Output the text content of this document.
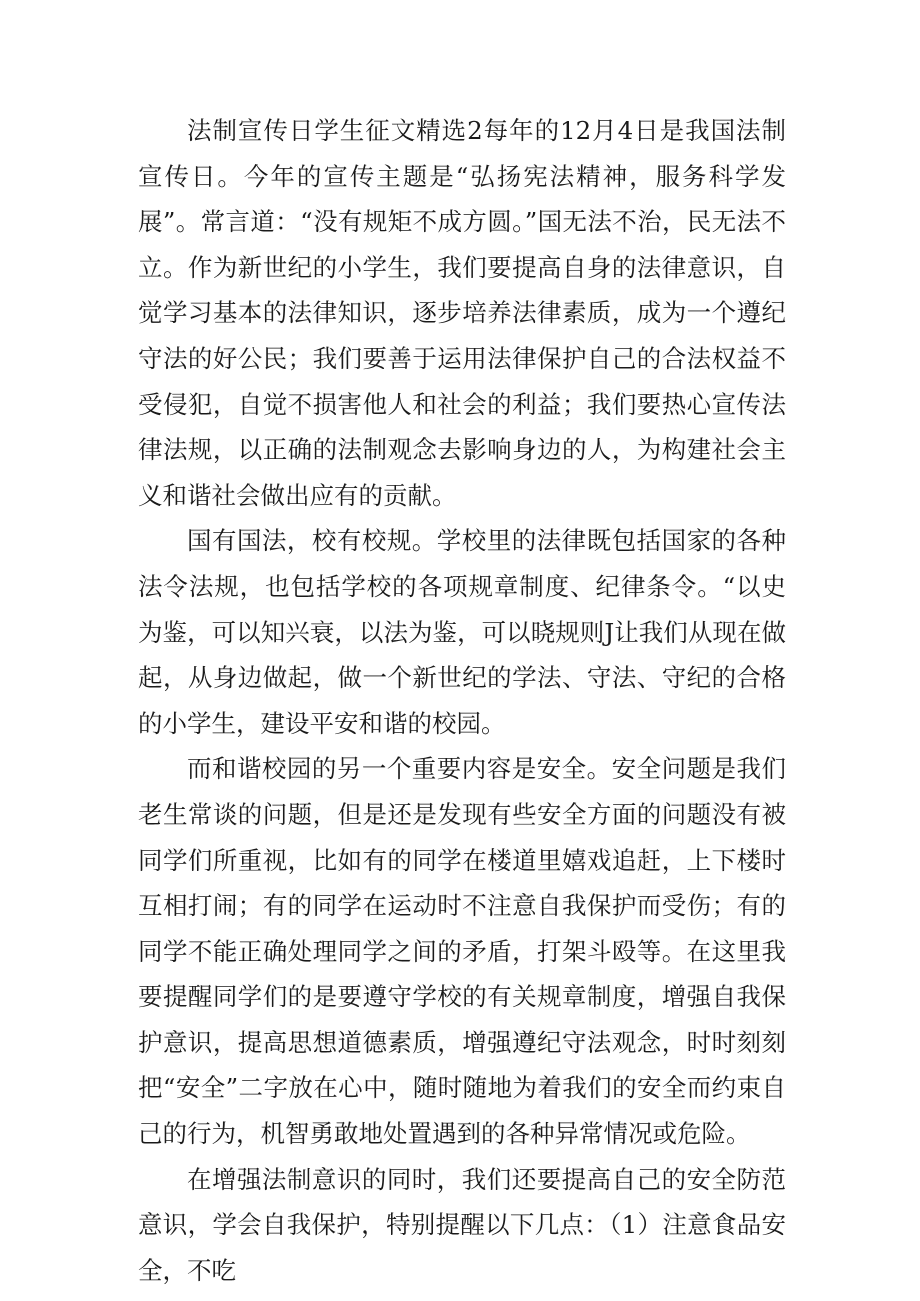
法制宣传日学生征文精选2每年的12月4日是我国法制宣传日。今年的宣传主题是“弘扬宪法精神，服务科学发展”。常言道：“没有规矩不成方圆。”国无法不治，民无法不立。作为新世纪的小学生，我们要提高自身的法律意识，自觉学习基本的法律知识，逐步培养法律素质，成为一个遵纪守法的好公民；我们要善于运用法律保护自己的合法权益不受侵犯，自觉不损害他人和社会的利益；我们要热心宣传法律法规，以正确的法制观念去影响身边的人，为构建社会主义和谐社会做出应有的贡献。

国有国法，校有校规。学校里的法律既包括国家的各种法令法规，也包括学校的各项规章制度、纪律条令。“以史为鉴，可以知兴衰，以法为鉴，可以晓规则J让我们从现在做起，从身边做起，做一个新世纪的学法、守法、守纪的合格的小学生，建设平安和谐的校园。

而和谐校园的另一个重要内容是安全。安全问题是我们老生常谈的问题，但是还是发现有些安全方面的问题没有被同学们所重视，比如有的同学在楼道里嬉戏追赶，上下楼时互相打闹；有的同学在运动时不注意自我保护而受伤；有的同学不能正确处理同学之间的矛盾，打架斗殴等。在这里我要提醒同学们的是要遵守学校的有关规章制度，增强自我保护意识，提高思想道德素质，增强遵纪守法观念，时时刻刻把“安全”二字放在心中，随时随地为着我们的安全而约束自己的行为，机智勇敢地处置遇到的各种异常情况或危险。

在增强法制意识的同时，我们还要提高自己的安全防范意识，学会自我保护，特别提醒以下几点：（1）注意食品安全，不吃
